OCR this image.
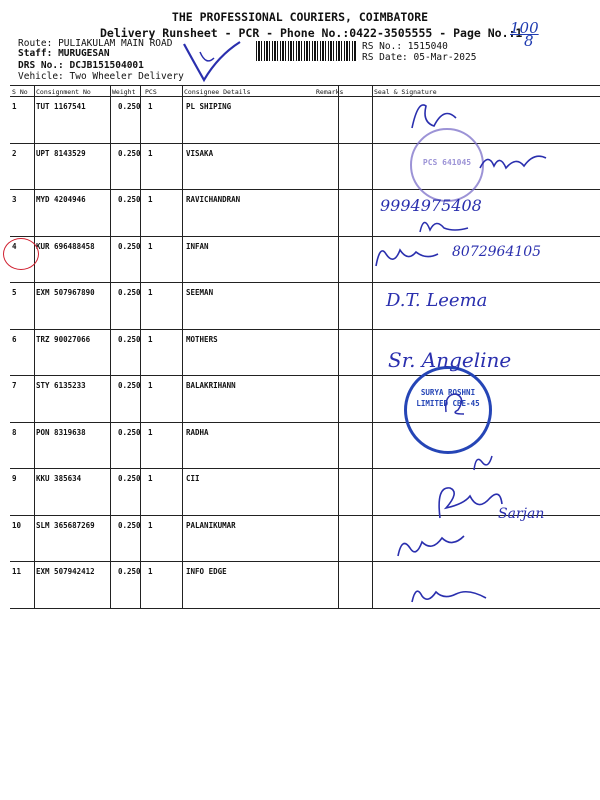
THE PROFESSIONAL COURIERS, COIMBATORE
Delivery Runsheet - PCR - Phone No.:0422-3505555 - Page No.:1
Route: PULIAKULAM MAIN ROAD
Staff: MURUGESAN
DRS No.: DCJB151504001
Vehicle: Two Wheeler Delivery
RS No.: 1515040
RS Date: 05-Mar-2025
100
8
S No Consignment No	Weight PCS	Consignee Details	Remarks	Seal & Signature
1	TUT 1167541	0.250 1	PL SHIPING
2	UPT 8143529	0.250 1	VISAKA
3	MYD 4204946	0.250 1	RAVICHANDRAN
4	KUR 696488458	0.250 1	INFAN
5	EXM 507967890	0.250 1	SEEMAN
6	TRZ 90027066	0.250 1	MOTHERS
7	STY 6135233	0.250 1	BALAKRIHANN
8	PON 8319638	0.250 1	RADHA
9	KKU 385634	0.250 1	CII
10 SLM 365687269	0.250 1	PALANIKUMAR
11 EXM 507942412	0.250 1	INFO EDGE
PCS 641045
SURYA ROSHNI LIMITED CBE-45
9994975408
8072964105
D.T. Leema
Sr. Angeline
Sarjan
